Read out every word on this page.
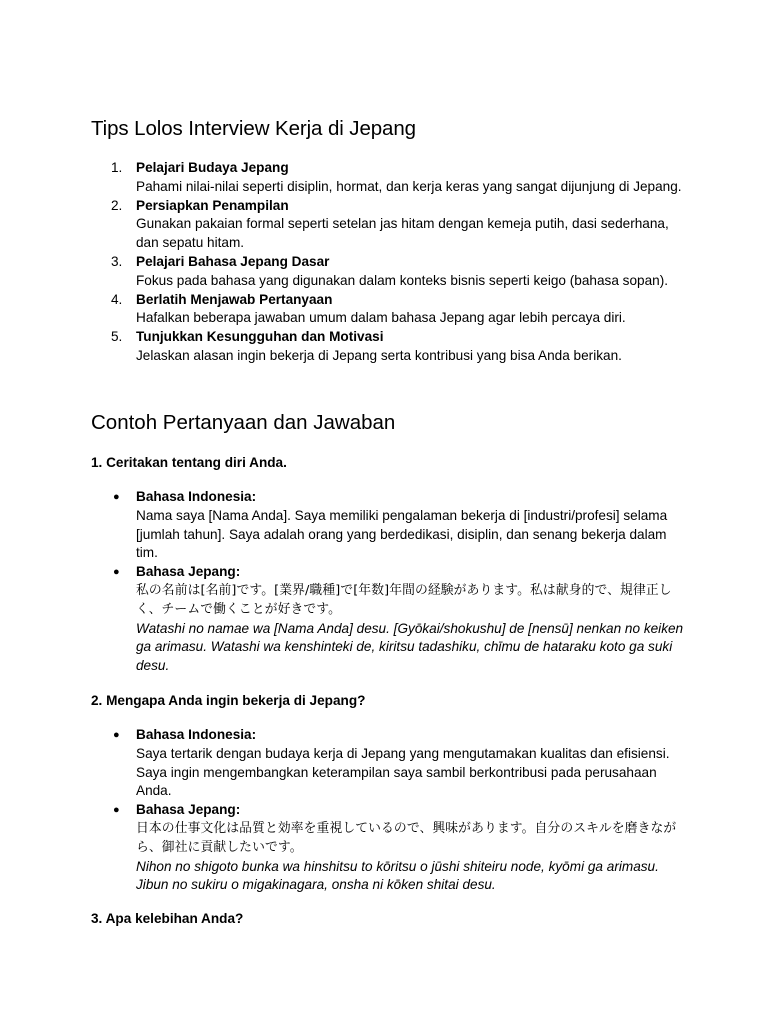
Tips Lolos Interview Kerja di Jepang
1. Pelajari Budaya Jepang
Pahami nilai-nilai seperti disiplin, hormat, dan kerja keras yang sangat dijunjung di Jepang.
2. Persiapkan Penampilan
Gunakan pakaian formal seperti setelan jas hitam dengan kemeja putih, dasi sederhana, dan sepatu hitam.
3. Pelajari Bahasa Jepang Dasar
Fokus pada bahasa yang digunakan dalam konteks bisnis seperti keigo (bahasa sopan).
4. Berlatih Menjawab Pertanyaan
Hafalkan beberapa jawaban umum dalam bahasa Jepang agar lebih percaya diri.
5. Tunjukkan Kesungguhan dan Motivasi
Jelaskan alasan ingin bekerja di Jepang serta kontribusi yang bisa Anda berikan.
Contoh Pertanyaan dan Jawaban
1. Ceritakan tentang diri Anda.
● Bahasa Indonesia:
Nama saya [Nama Anda]. Saya memiliki pengalaman bekerja di [industri/profesi] selama [jumlah tahun]. Saya adalah orang yang berdedikasi, disiplin, dan senang bekerja dalam tim.
● Bahasa Jepang:
私の名前は[名前]です。[業界/職種]で[年数]年間の経験があります。私は献身的で、規律正しく、チームで働くことが好きです。
Watashi no namae wa [Nama Anda] desu. [Gyōkai/shokushu] de [nensū] nenkan no keiken ga arimasu. Watashi wa kenshinteki de, kiritsu tadashiku, chīmu de hataraku koto ga suki desu.
2. Mengapa Anda ingin bekerja di Jepang?
● Bahasa Indonesia:
Saya tertarik dengan budaya kerja di Jepang yang mengutamakan kualitas dan efisiensi. Saya ingin mengembangkan keterampilan saya sambil berkontribusi pada perusahaan Anda.
● Bahasa Jepang:
日本の仕事文化は品質と効率を重視しているので、興味があります。自分のスキルを磨きながら、御社に貢献したいです。
Nihon no shigoto bunka wa hinshitsu to kōritsu o jūshi shiteiru node, kyōmi ga arimasu. Jibun no sukiru o migakinagara, onsha ni kōken shitai desu.
3. Apa kelebihan Anda?
